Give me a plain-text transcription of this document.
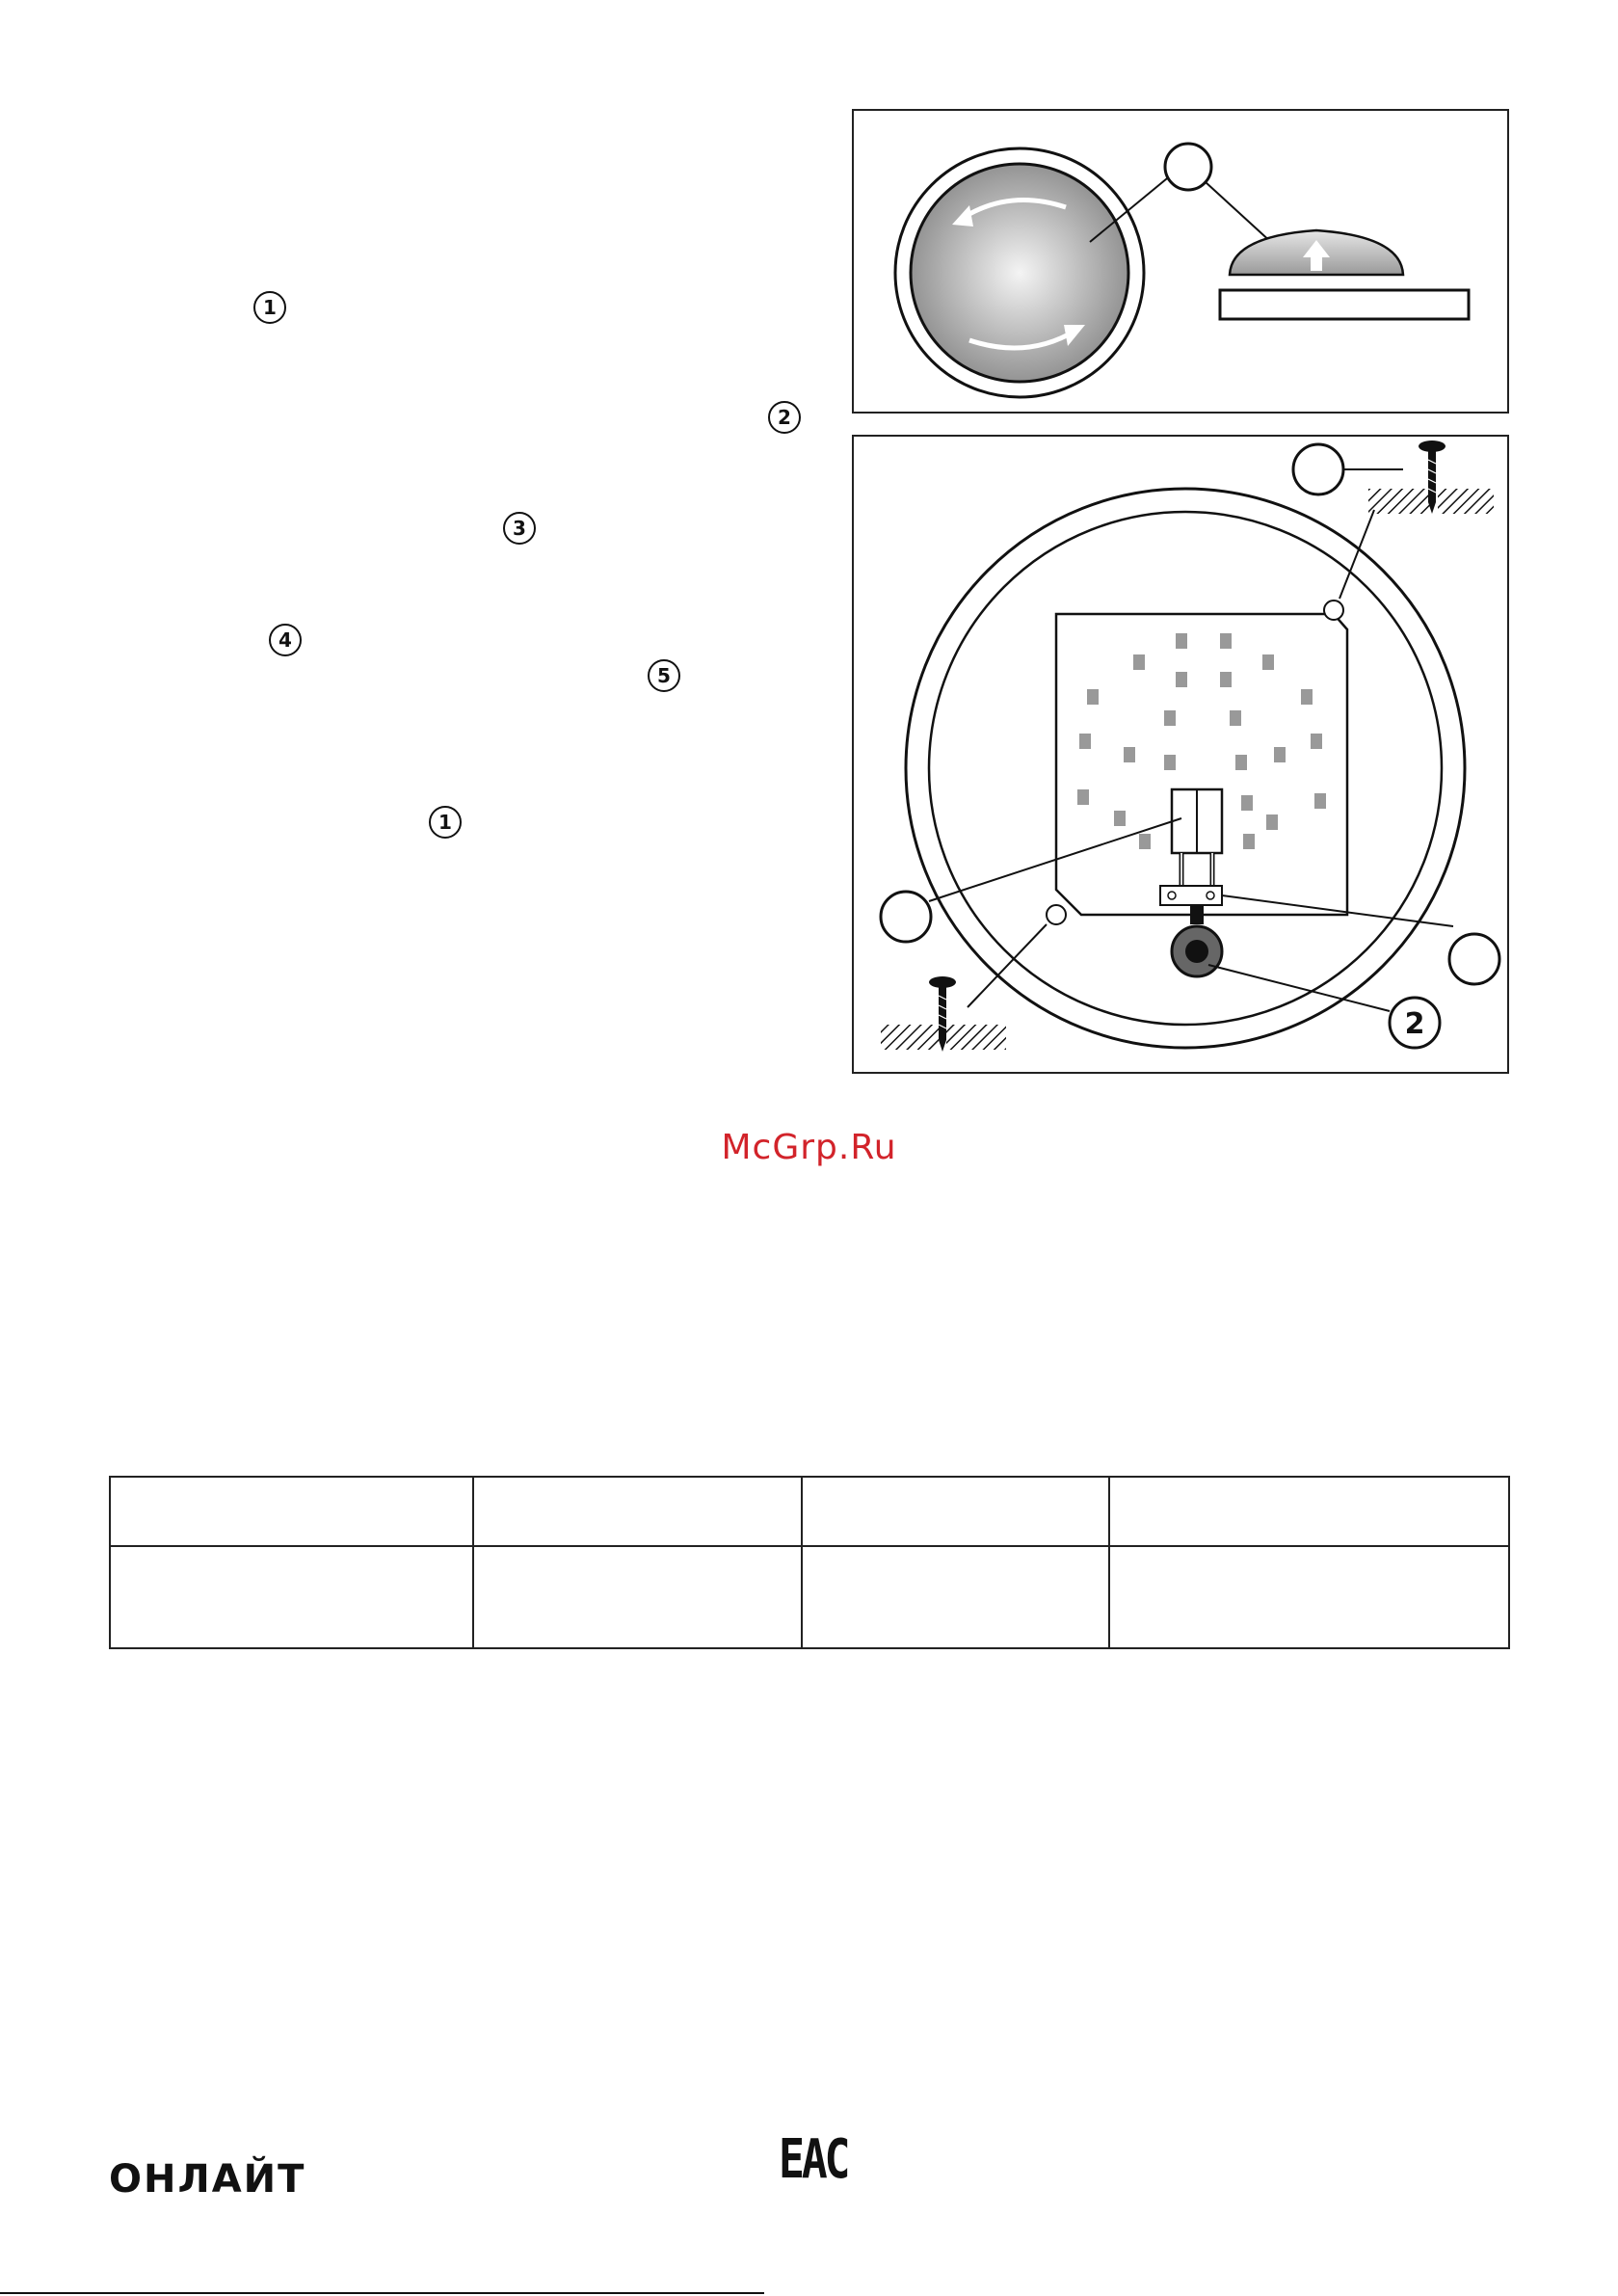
1
2
3
4
5
1
2
McGrp.Ru

ОНЛАЙТ	EAC
